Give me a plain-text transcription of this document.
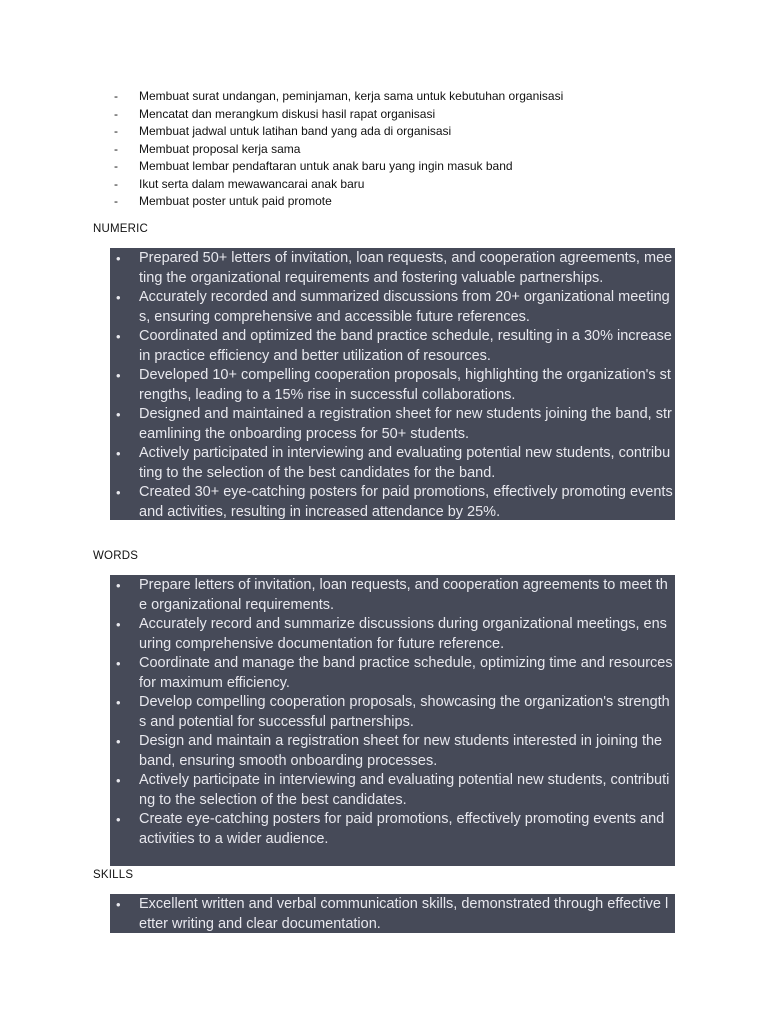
- Membuat surat undangan, peminjaman, kerja sama untuk kebutuhan organisasi
- Mencatat dan merangkum diskusi hasil rapat organisasi
- Membuat jadwal untuk latihan band yang ada di organisasi
- Membuat proposal kerja sama
- Membuat lembar pendaftaran untuk anak baru yang ingin masuk band
- Ikut serta dalam mewawancarai anak baru
- Membuat poster untuk paid promote
NUMERIC
• Prepared 50+ letters of invitation, loan requests, and cooperation agreements, meeting the organizational requirements and fostering valuable partnerships.
• Accurately recorded and summarized discussions from 20+ organizational meetings, ensuring comprehensive and accessible future references.
• Coordinated and optimized the band practice schedule, resulting in a 30% increase in practice efficiency and better utilization of resources.
• Developed 10+ compelling cooperation proposals, highlighting the organization's strengths, leading to a 15% rise in successful collaborations.
• Designed and maintained a registration sheet for new students joining the band, streamlining the onboarding process for 50+ students.
• Actively participated in interviewing and evaluating potential new students, contributing to the selection of the best candidates for the band.
• Created 30+ eye-catching posters for paid promotions, effectively promoting events and activities, resulting in increased attendance by 25%.
WORDS
• Prepare letters of invitation, loan requests, and cooperation agreements to meet the organizational requirements.
• Accurately record and summarize discussions during organizational meetings, ensuring comprehensive documentation for future reference.
• Coordinate and manage the band practice schedule, optimizing time and resources for maximum efficiency.
• Develop compelling cooperation proposals, showcasing the organization's strengths and potential for successful partnerships.
• Design and maintain a registration sheet for new students interested in joining the band, ensuring smooth onboarding processes.
• Actively participate in interviewing and evaluating potential new students, contributing to the selection of the best candidates.
• Create eye-catching posters for paid promotions, effectively promoting events and activities to a wider audience.
SKILLS
• Excellent written and verbal communication skills, demonstrated through effective letter writing and clear documentation.
